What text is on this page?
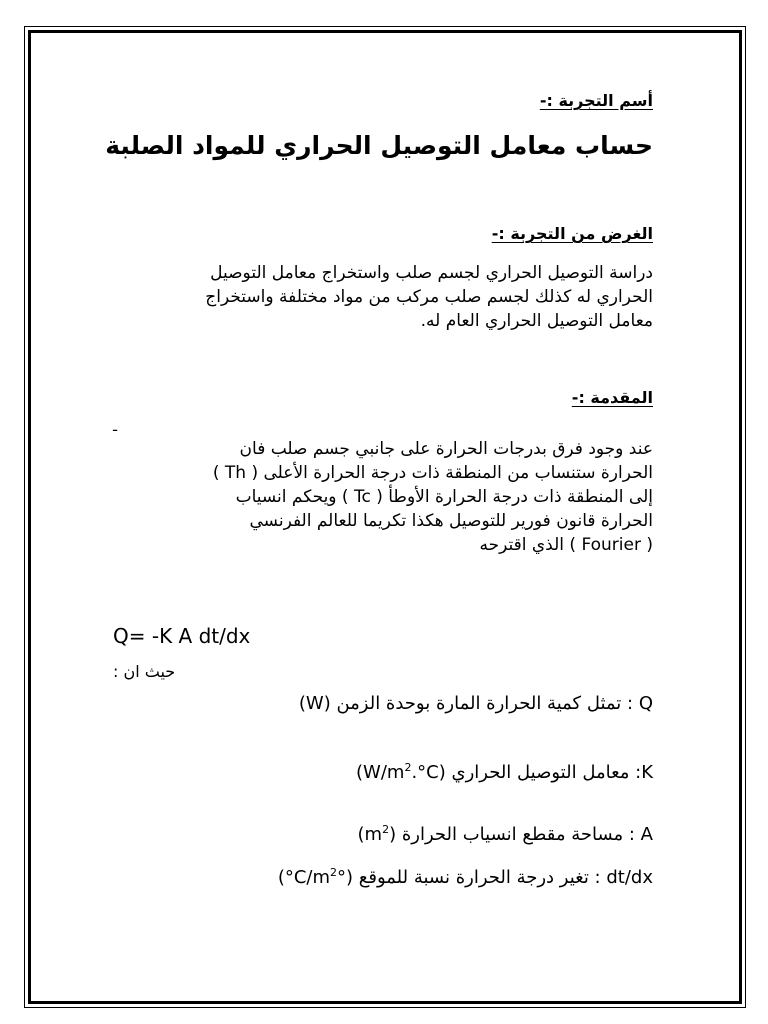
أسم التجربة :-
حساب معامل التوصيل الحراري للمواد الصلبة
الغرض من التجربة :-
دراسة التوصيل الحراري لجسم صلب واستخراج معامل التوصيل
الحراري له كذلك لجسم صلب مركب من مواد مختلفة واستخراج
معامل التوصيل الحراري العام له.
المقدمة :-
ـ
عند وجود فرق بدرجات الحرارة على جانبي جسم صلب فان
الحرارة ستنساب من المنطقة ذات درجة الحرارة الأعلى ( Th )
إلى المنطقة ذات درجة الحرارة الأوطأ ( Tc ) ويحكم انسياب
الحرارة قانون فورير للتوصيل هكذا تكريما للعالم الفرنسي
( Fourier ) الذي اقترحه
Q= -K A dt/dx
: حيث ان
Q : تمثل كمية الحرارة المارة بوحدة الزمن (W)
K: معامل التوصيل الحراري $(W/m^2.^\circ C)$
A : مساحة مقطع انسياب الحرارة $(m^2)$
dt/dx : تغير درجة الحرارة نسبة للموقع $(^\circ C/m^2^\circ)$
